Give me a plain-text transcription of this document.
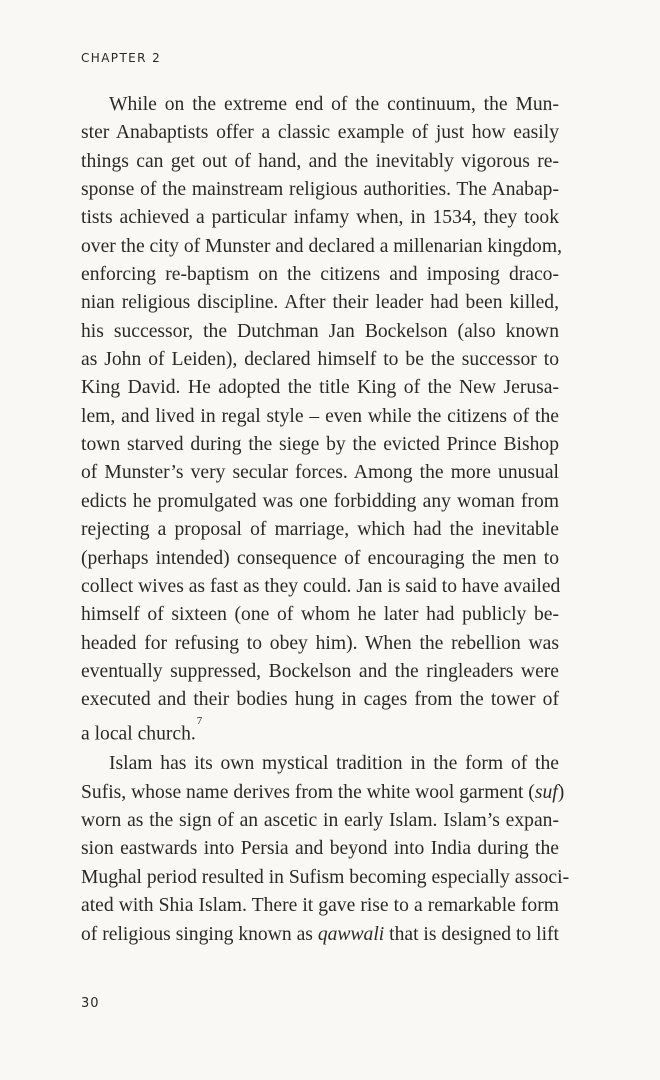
CHAPTER 2
While on the extreme end of the continuum, the Mun-
ster Anabaptists offer a classic example of just how easily
things can get out of hand, and the inevitably vigorous re-
sponse of the mainstream religious authorities. The Anabap-
tists achieved a particular infamy when, in 1534, they took
over the city of Munster and declared a millenarian kingdom,
enforcing re-baptism on the citizens and imposing draco-
nian religious discipline. After their leader had been killed,
his successor, the Dutchman Jan Bockelson (also known
as John of Leiden), declared himself to be the successor to
King David. He adopted the title King of the New Jerusa-
lem, and lived in regal style – even while the citizens of the
town starved during the siege by the evicted Prince Bishop
of Munster’s very secular forces. Among the more unusual
edicts he promulgated was one forbidding any woman from
rejecting a proposal of marriage, which had the inevitable
(perhaps intended) consequence of encouraging the men to
collect wives as fast as they could. Jan is said to have availed
himself of sixteen (one of whom he later had publicly be-
headed for refusing to obey him). When the rebellion was
eventually suppressed, Bockelson and the ringleaders were
executed and their bodies hung in cages from the tower of
a local church.$^7$
Islam has its own mystical tradition in the form of the
Sufis, whose name derives from the white wool garment (suf)
worn as the sign of an ascetic in early Islam. Islam’s expan-
sion eastwards into Persia and beyond into India during the
Mughal period resulted in Sufism becoming especially associ-
ated with Shia Islam. There it gave rise to a remarkable form
of religious singing known as qawwali that is designed to lift
30
